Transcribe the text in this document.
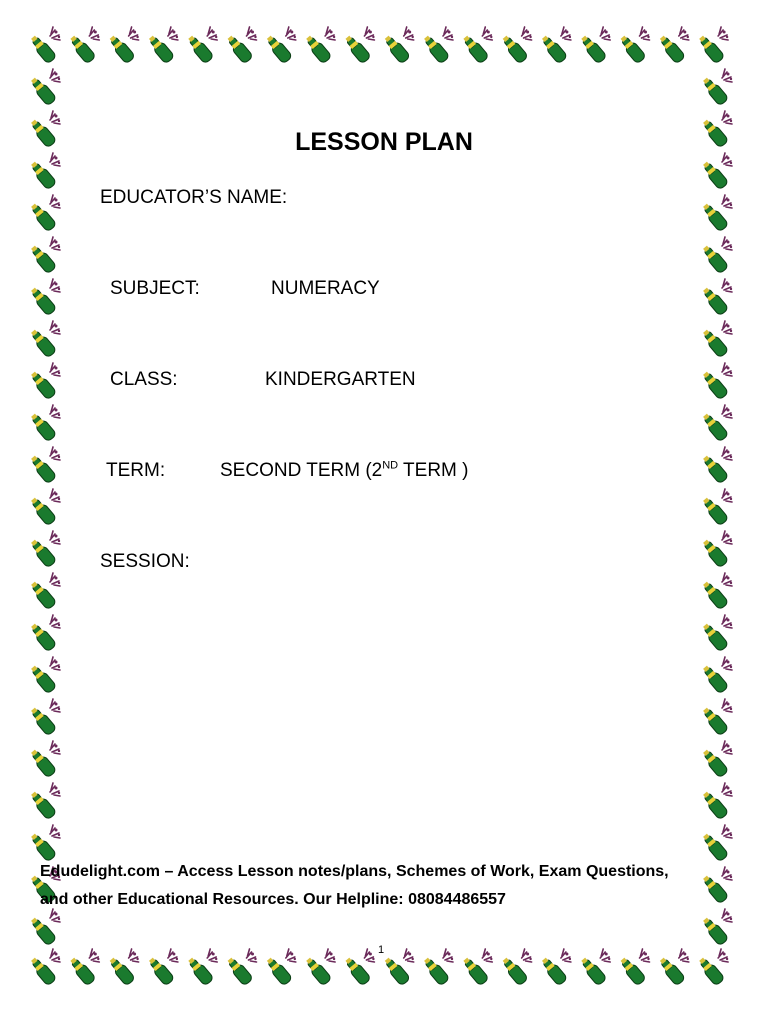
LESSON PLAN
EDUCATOR’S NAME:
SUBJECT:	NUMERACY
CLASS:	KINDERGARTEN
TERM:	SECOND TERM (2ND TERM )
SESSION:
Edudelight.com – Access Lesson notes/plans, Schemes of Work, Exam Questions,
and other Educational Resources. Our Helpline: 08084486557
1
